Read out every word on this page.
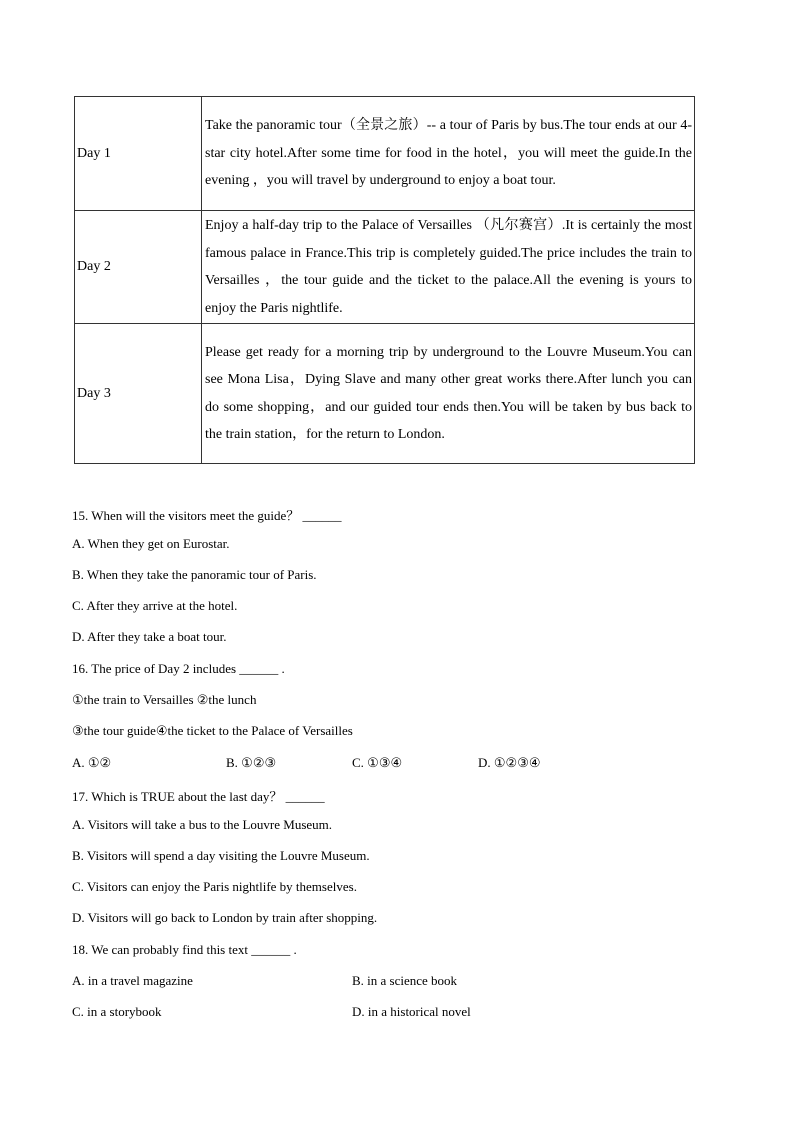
Day 1	Take the panoramic tour（全景之旅）-- a tour of Paris by bus.The tour ends at our 4-star city hotel.After some time for food in the hotel，you will meet the guide.In the evening ，you will travel by underground to enjoy a boat tour.
Day 2	Enjoy a half-day trip to the Palace of Versailles （凡尔赛宫）.It is certainly the most famous palace in France.This trip is completely guided.The price includes the train to Versailles ，the tour guide and the ticket to the palace.All the evening is yours to enjoy the Paris nightlife.
Day 3	Please get ready for a morning trip by underground to the Louvre Museum.You can see Mona Lisa，Dying Slave and many other great works there.After lunch you can do some shopping，and our guided tour ends then.You will be taken by bus back to the train station，for the return to London.
15. When will the visitors meet the guide？ ______
A. When they get on Eurostar.
B. When they take the panoramic tour of Paris.
C. After they arrive at the hotel.
D. After they take a boat tour.
16. The price of Day 2 includes ______ .
①the train to Versailles ②the lunch
③the tour guide④the ticket to the Palace of Versailles
A. ①②	B. ①②③	C. ①③④	D. ①②③④
17. Which is TRUE about the last day？ ______
A. Visitors will take a bus to the Louvre Museum.
B. Visitors will spend a day visiting the Louvre Museum.
C. Visitors can enjoy the Paris nightlife by themselves.
D. Visitors will go back to London by train after shopping.
18. We can probably find this text ______ .
A. in a travel magazine	B. in a science book
C. in a storybook	D. in a historical novel
